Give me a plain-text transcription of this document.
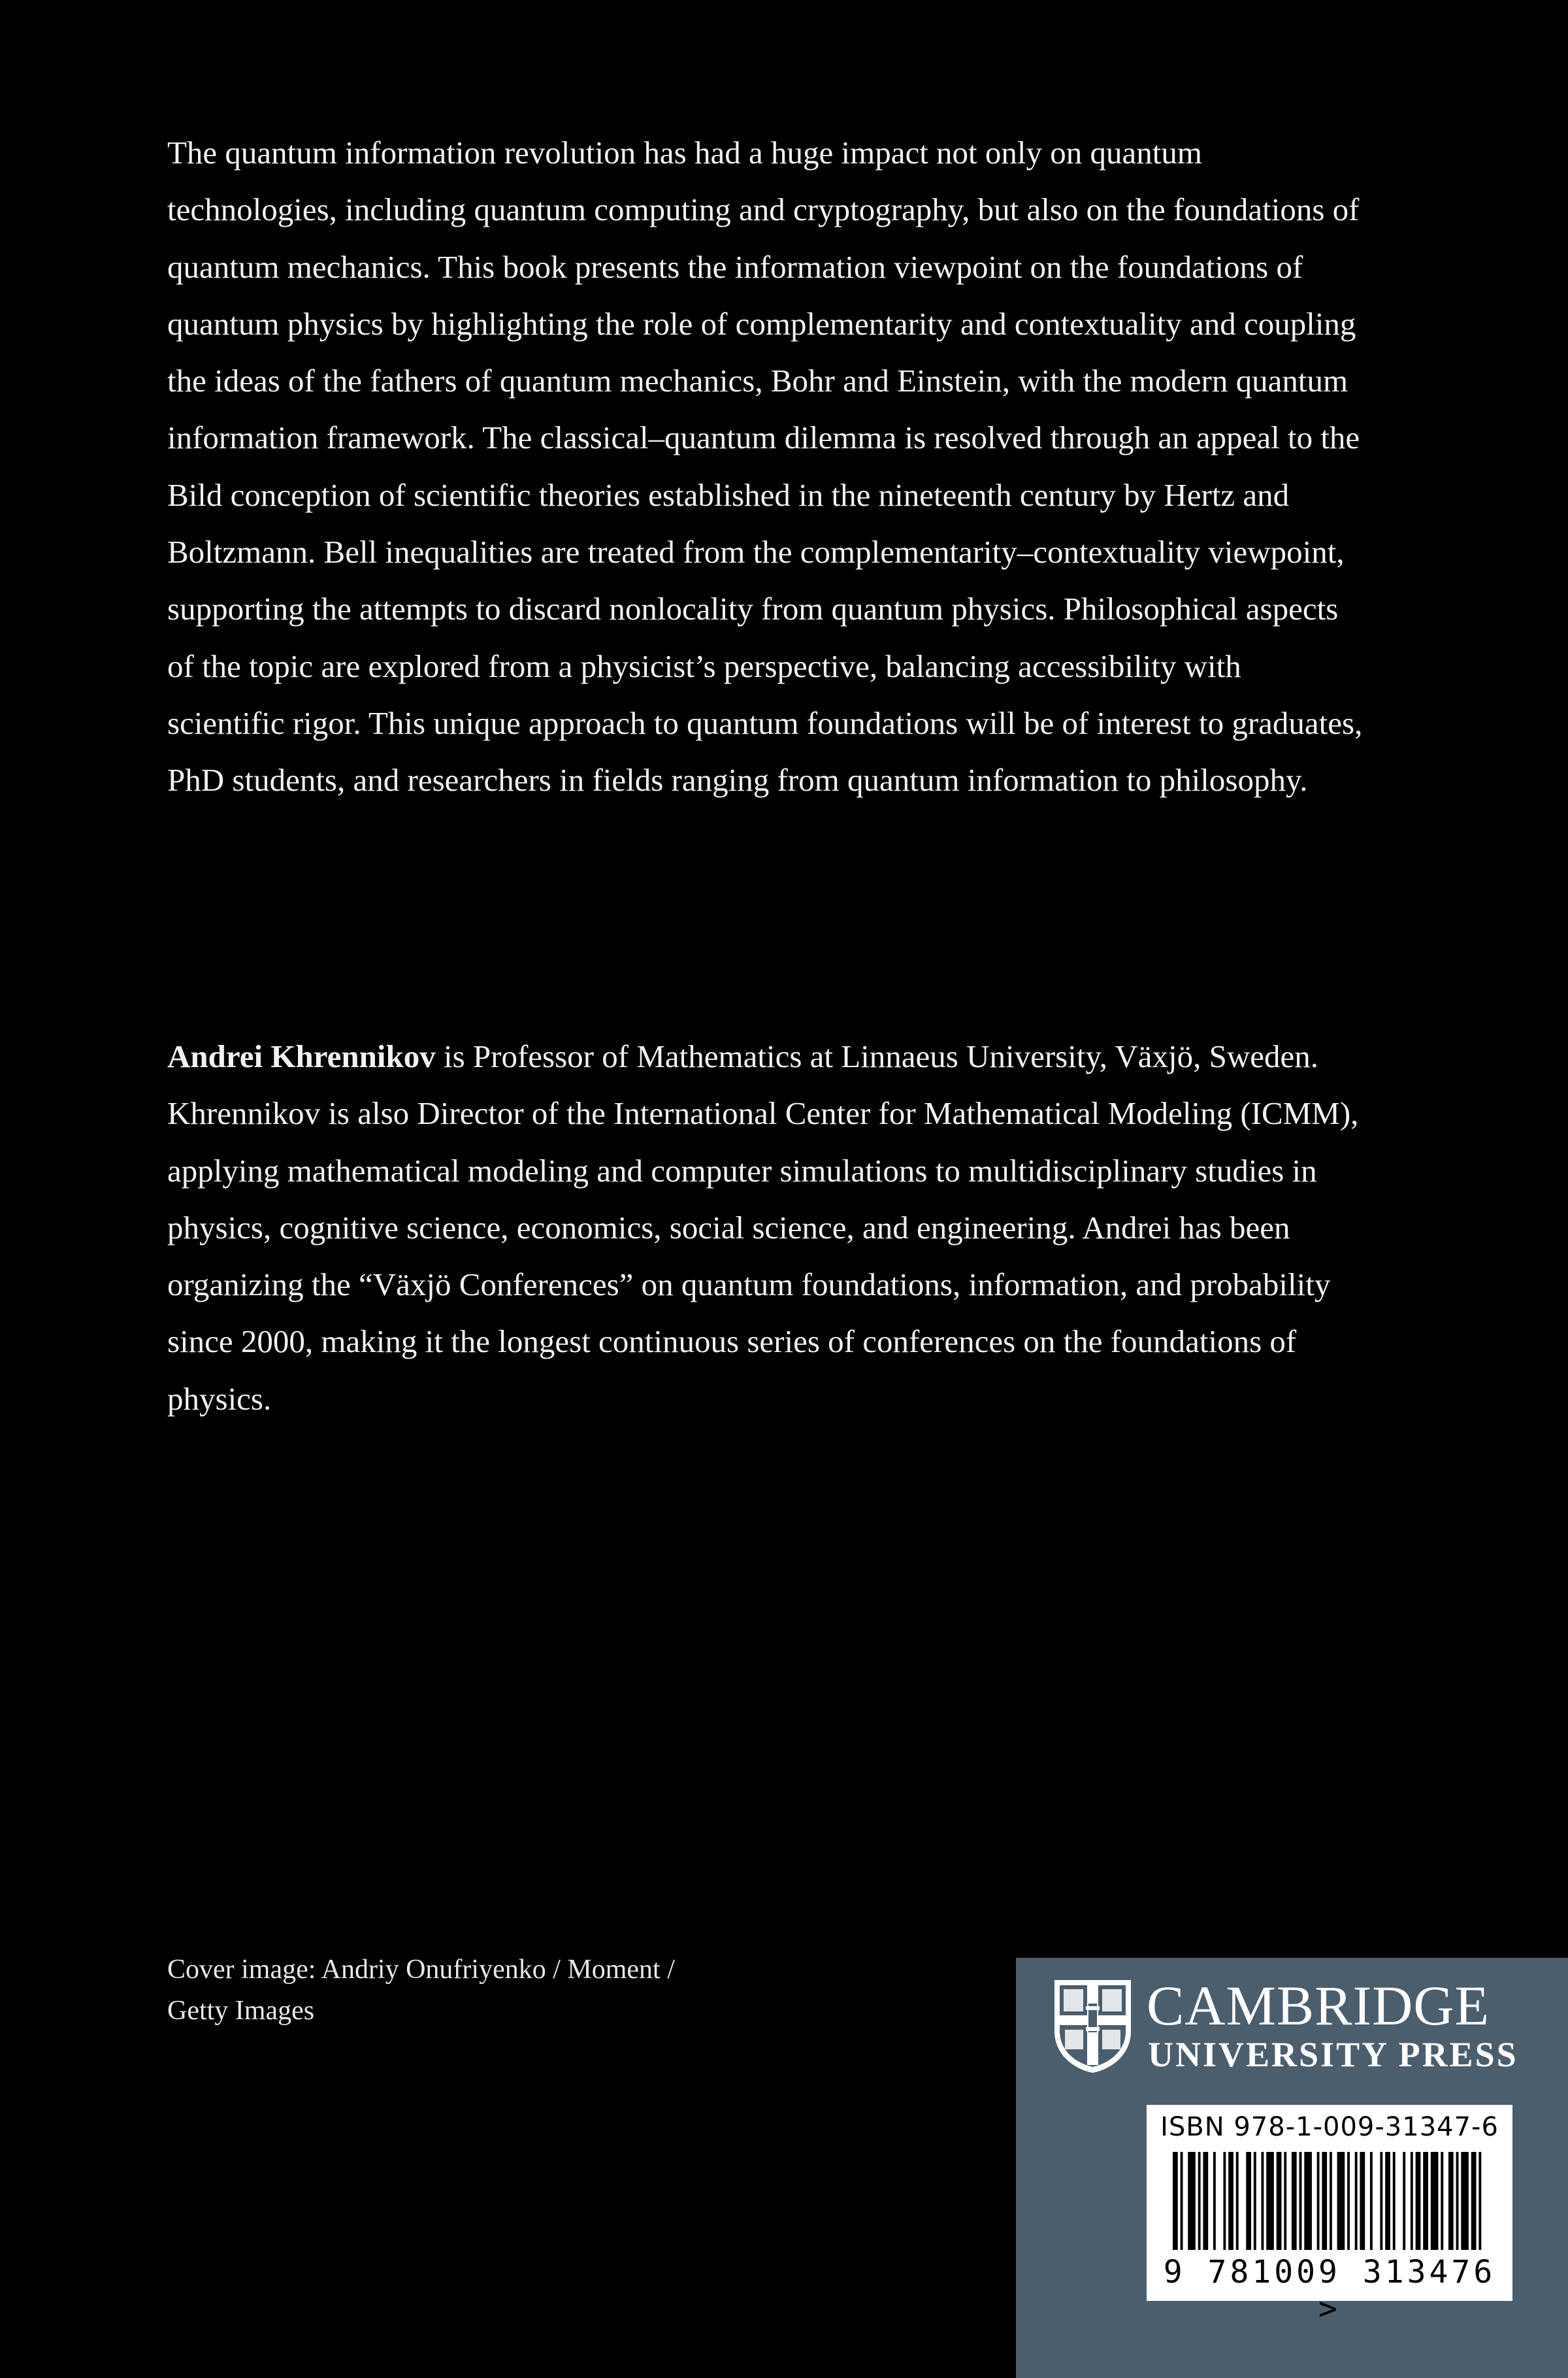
The quantum information revolution has had a huge impact not only on quantum technologies, including quantum computing and cryptography, but also on the foundations of quantum mechanics. This book presents the information viewpoint on the foundations of quantum physics by highlighting the role of complementarity and contextuality and coupling the ideas of the fathers of quantum mechanics, Bohr and Einstein, with the modern quantum information framework. The classical–quantum dilemma is resolved through an appeal to the Bild conception of scientific theories established in the nineteenth century by Hertz and Boltzmann. Bell inequalities are treated from the complementarity–contextuality viewpoint, supporting the attempts to discard nonlocality from quantum physics. Philosophical aspects of the topic are explored from a physicist’s perspective, balancing accessibility with scientific rigor. This unique approach to quantum foundations will be of interest to graduates, PhD students, and researchers in fields ranging from quantum information to philosophy.

Andrei Khrennikov is Professor of Mathematics at Linnaeus University, Växjö, Sweden. Khrennikov is also Director of the International Center for Mathematical Modeling (ICMM), applying mathematical modeling and computer simulations to multidisciplinary studies in physics, cognitive science, economics, social science, and engineering. Andrei has been organizing the “Växjö Conferences” on quantum foundations, information, and probability since 2000, making it the longest continuous series of conferences on the foundations of physics.

Cover image: Andriy Onufriyenko / Moment /
Getty Images	CAMBRIDGE

UNIVERSITY PRESS

ISBN 978-1-009-31347-6

9 781009 313476 >
